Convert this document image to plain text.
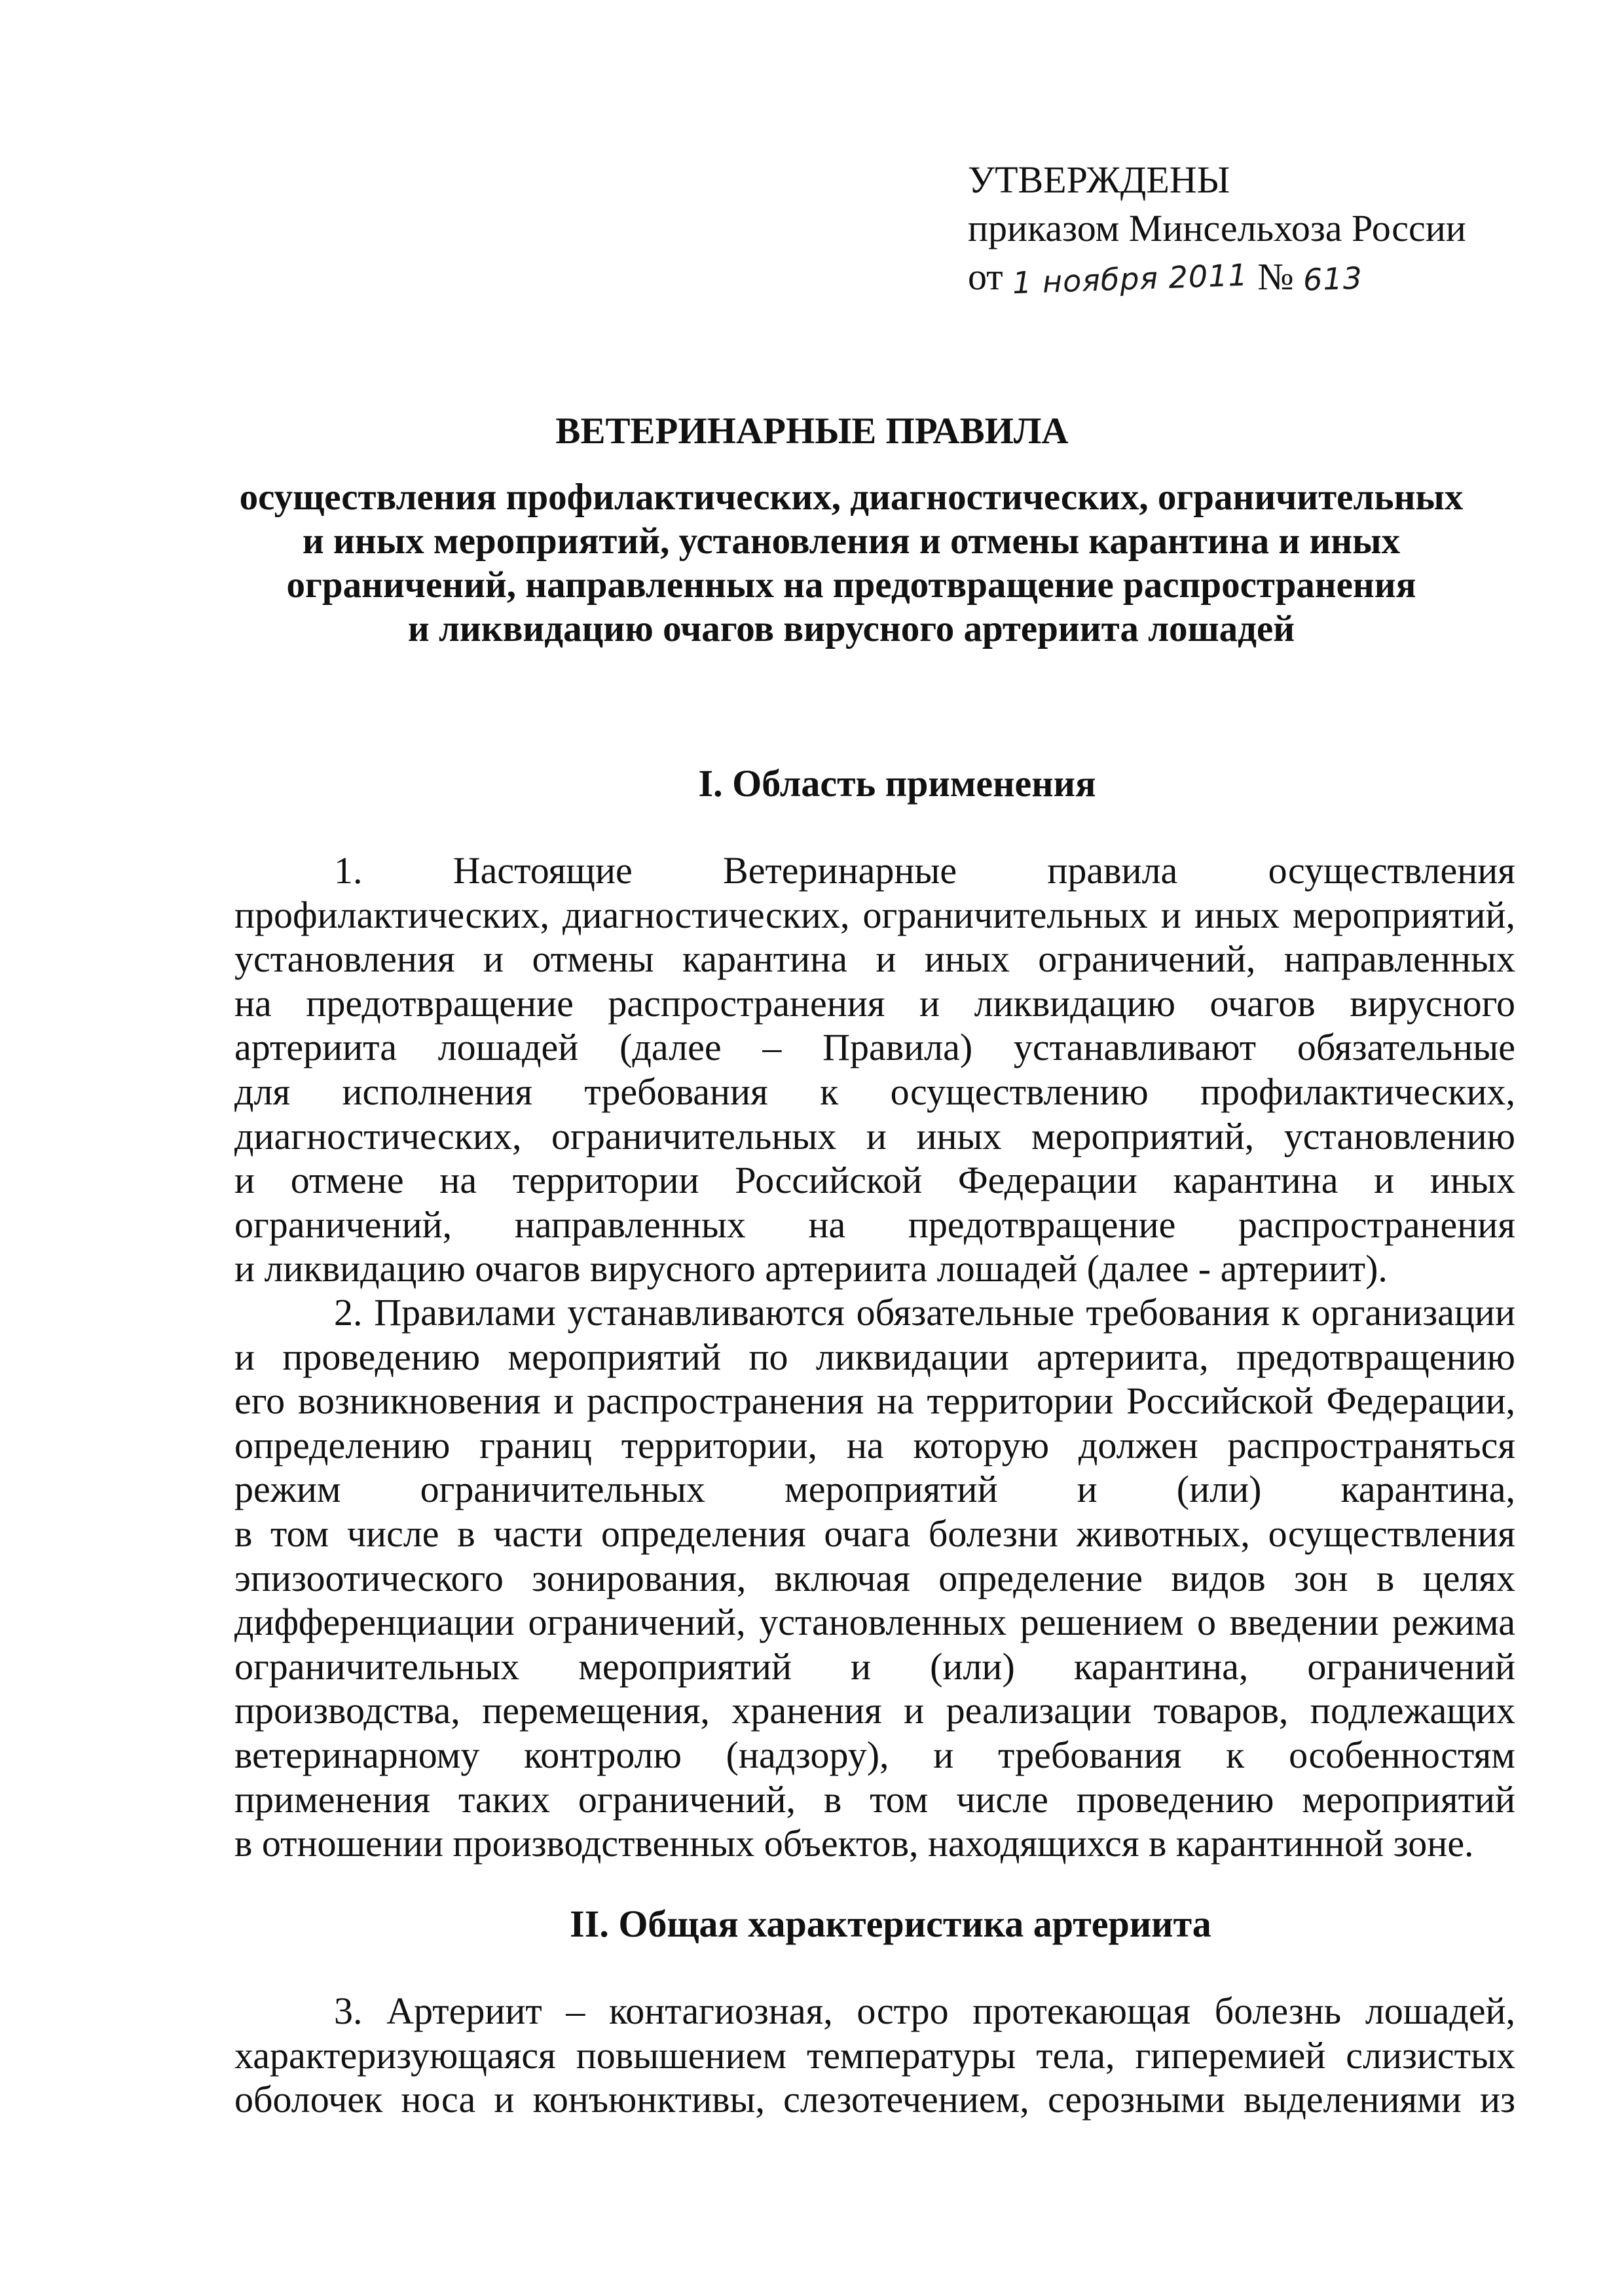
УТВЕРЖДЕНЫ
приказом Минсельхоза России
от 1 ноября 2011 № 613
ВЕТЕРИНАРНЫЕ ПРАВИЛА
осуществления профилактических, диагностических, ограничительных
и иных мероприятий, установления и отмены карантина и иных
ограничений, направленных на предотвращение распространения
и ликвидацию очагов вирусного артериита лошадей
I. Область применения
1. Настоящие Ветеринарные правила осуществления
профилактических, диагностических, ограничительных и иных мероприятий,
установления и отмены карантина и иных ограничений, направленных
на предотвращение распространения и ликвидацию очагов вирусного
артериита лошадей (далее – Правила) устанавливают обязательные
для исполнения требования к осуществлению профилактических,
диагностических, ограничительных и иных мероприятий, установлению
и отмене на территории Российской Федерации карантина и иных
ограничений, направленных на предотвращение распространения
и ликвидацию очагов вирусного артериита лошадей (далее - артериит).
2. Правилами устанавливаются обязательные требования к организации
и проведению мероприятий по ликвидации артериита, предотвращению
его возникновения и распространения на территории Российской Федерации,
определению границ территории, на которую должен распространяться
режим ограничительных мероприятий и (или) карантина,
в том числе в части определения очага болезни животных, осуществления
эпизоотического зонирования, включая определение видов зон в целях
дифференциации ограничений, установленных решением о введении режима
ограничительных мероприятий и (или) карантина, ограничений
производства, перемещения, хранения и реализации товаров, подлежащих
ветеринарному контролю (надзору), и требования к особенностям
применения таких ограничений, в том числе проведению мероприятий
в отношении производственных объектов, находящихся в карантинной зоне.
II. Общая характеристика артериита
3. Артериит – контагиозная, остро протекающая болезнь лошадей,
характеризующаяся повышением температуры тела, гиперемией слизистых
оболочек носа и конъюнктивы, слезотечением, серозными выделениями из
